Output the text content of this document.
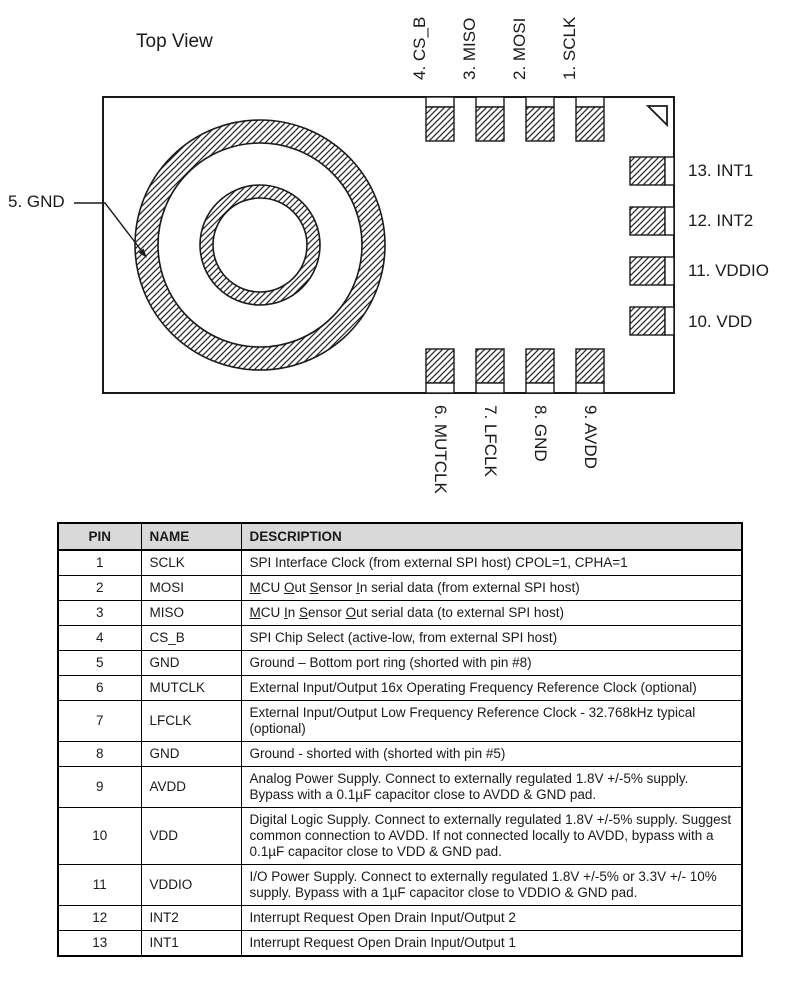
Top View
5. GND
4. CS_B 3. MISO 2. MOSI 1. SCLK
6. MUTCLK 7. LFCLK 8. GND 9. AVDD
13. INT1
12. INT2
11. VDDIO
10. VDD
PIN	NAME	DESCRIPTION
1	SCLK	SPI Interface Clock (from external SPI host) CPOL=1, CPHA=1
2	MOSI	MCU Out Sensor In serial data (from external SPI host)
3	MISO	MCU In Sensor Out serial data (to external SPI host)
4	CS_B	SPI Chip Select (active-low, from external SPI host)
5	GND	Ground – Bottom port ring (shorted with pin #8)
6	MUTCLK	External Input/Output 16x Operating Frequency Reference Clock (optional)
7	LFCLK	External Input/Output Low Frequency Reference Clock - 32.768kHz typical (optional)
8	GND	Ground - shorted with (shorted with pin #5)
9	AVDD	Analog Power Supply. Connect to externally regulated 1.8V +/-5% supply. Bypass with a 0.1µF capacitor close to AVDD & GND pad.
10	VDD	Digital Logic Supply. Connect to externally regulated 1.8V +/-5% supply. Suggest common connection to AVDD. If not connected locally to AVDD, bypass with a 0.1µF capacitor close to VDD & GND pad.
11	VDDIO	I/O Power Supply. Connect to externally regulated 1.8V +/-5% or 3.3V +/- 10% supply. Bypass with a 1µF capacitor close to VDDIO & GND pad.
12	INT2	Interrupt Request Open Drain Input/Output 2
13	INT1	Interrupt Request Open Drain Input/Output 1
